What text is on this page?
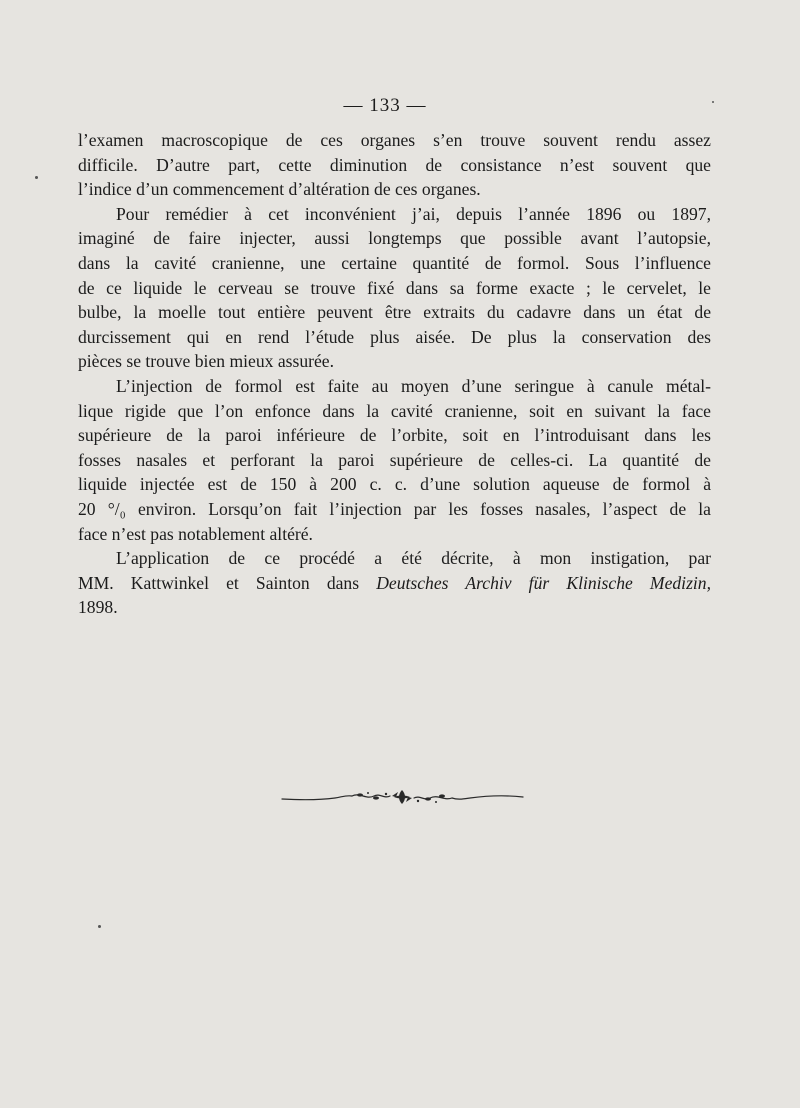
— 133 —
l’examen macroscopique de ces organes s’en trouve souvent rendu assez
difficile. D’autre part, cette diminution de consistance n’est souvent que
l’indice d’un commencement d’altération de ces organes.
Pour remédier à cet inconvénient j’ai, depuis l’année 1896 ou 1897,
imaginé de faire injecter, aussi longtemps que possible avant l’autopsie,
dans la cavité cranienne, une certaine quantité de formol. Sous l’influence
de ce liquide le cerveau se trouve fixé dans sa forme exacte ; le cervelet, le
bulbe, la moelle tout entière peuvent être extraits du cadavre dans un état de
durcissement qui en rend l’étude plus aisée. De plus la conservation des
pièces se trouve bien mieux assurée.
L’injection de formol est faite au moyen d’une seringue à canule métal-
lique rigide que l’on enfonce dans la cavité cranienne, soit en suivant la face
supérieure de la paroi inférieure de l’orbite, soit en l’introduisant dans les
fosses nasales et perforant la paroi supérieure de celles-ci. La quantité de
liquide injectée est de 150 à 200 c. c. d’une solution aqueuse de formol à
20 °/₀ environ. Lorsqu’on fait l’injection par les fosses nasales, l’aspect de la
face n’est pas notablement altéré.
L’application de ce procédé a été décrite, à mon instigation, par
MM. Kattwinkel et Sainton dans Deutsches Archiv für Klinische Medizin,
1898.
